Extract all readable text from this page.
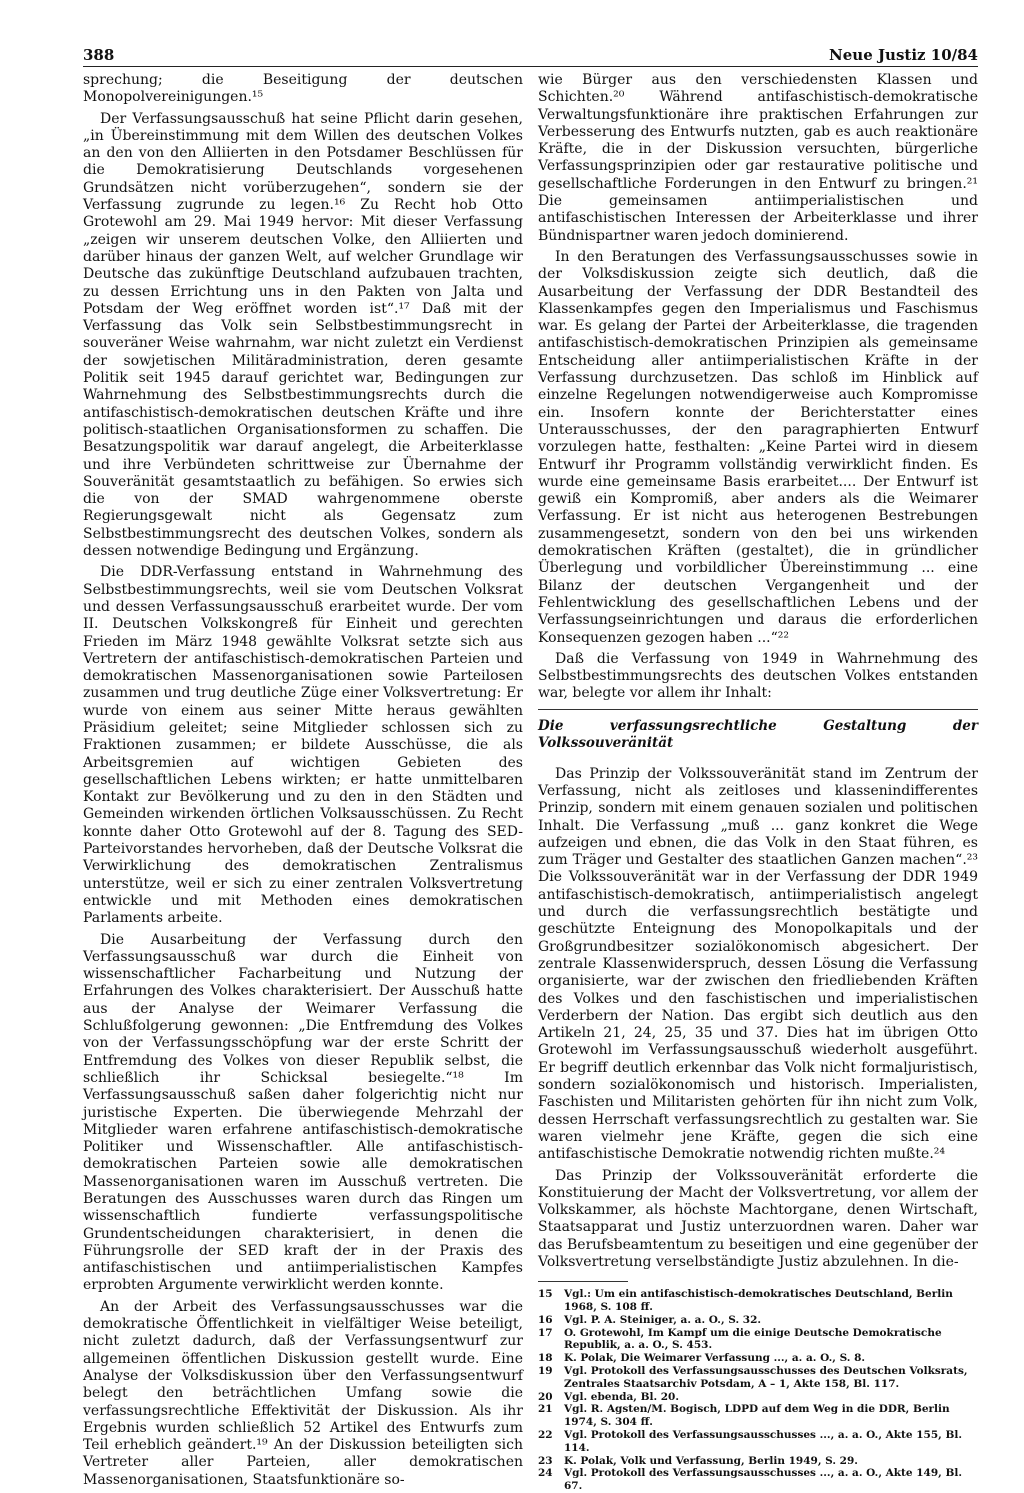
388	Neue Justiz 10/84

sprechung; die Beseitigung der deutschen Monopolvereinigungen.¹⁵

Der Verfassungsausschuß hat seine Pflicht darin gesehen, „in Übereinstimmung mit dem Willen des deutschen Volkes an den von den Alliierten in den Potsdamer Beschlüssen für die Demokratisierung Deutschlands vorgesehenen Grundsätzen nicht vorüberzugehen“, sondern sie der Verfassung zugrunde zu legen.¹⁶ Zu Recht hob Otto Grotewohl am 29. Mai 1949 hervor: Mit dieser Verfassung „zeigen wir unserem deutschen Volke, den Alliierten und darüber hinaus der ganzen Welt, auf welcher Grundlage wir Deutsche das zukünftige Deutschland aufzubauen trachten, zu dessen Errichtung uns in den Pakten von Jalta und Potsdam der Weg eröffnet worden ist“.¹⁷ Daß mit der Verfassung das Volk sein Selbstbestimmungsrecht in souveräner Weise wahrnahm, war nicht zuletzt ein Verdienst der sowjetischen Militäradministration, deren gesamte Politik seit 1945 darauf gerichtet war, Bedingungen zur Wahrnehmung des Selbstbestimmungsrechts durch die antifaschistisch-demokratischen deutschen Kräfte und ihre politisch-staatlichen Organisationsformen zu schaffen. Die Besatzungspolitik war darauf angelegt, die Arbeiterklasse und ihre Verbündeten schrittweise zur Übernahme der Souveränität gesamtstaatlich zu befähigen. So erwies sich die von der SMAD wahrgenommene oberste Regierungsgewalt nicht als Gegensatz zum Selbstbestimmungsrecht des deutschen Volkes, sondern als dessen notwendige Bedingung und Ergänzung.

Die DDR-Verfassung entstand in Wahrnehmung des Selbstbestimmungsrechts, weil sie vom Deutschen Volksrat und dessen Verfassungsausschuß erarbeitet wurde. Der vom II. Deutschen Volkskongreß für Einheit und gerechten Frieden im März 1948 gewählte Volksrat setzte sich aus Vertretern der antifaschistisch-demokratischen Parteien und demokratischen Massenorganisationen sowie Parteilosen zusammen und trug deutliche Züge einer Volksvertretung: Er wurde von einem aus seiner Mitte heraus gewählten Präsidium geleitet; seine Mitglieder schlossen sich zu Fraktionen zusammen; er bildete Ausschüsse, die als Arbeitsgremien auf wichtigen Gebieten des gesellschaftlichen Lebens wirkten; er hatte unmittelbaren Kontakt zur Bevölkerung und zu den in den Städten und Gemeinden wirkenden örtlichen Volksausschüssen. Zu Recht konnte daher Otto Grotewohl auf der 8. Tagung des SED-Parteivorstandes hervorheben, daß der Deutsche Volksrat die Verwirklichung des demokratischen Zentralismus unterstütze, weil er sich zu einer zentralen Volksvertretung entwickle und mit Methoden eines demokratischen Parlaments arbeite.

Die Ausarbeitung der Verfassung durch den Verfassungsausschuß war durch die Einheit von wissenschaftlicher Facharbeitung und Nutzung der Erfahrungen des Volkes charakterisiert. Der Ausschuß hatte aus der Analyse der Weimarer Verfassung die Schlußfolgerung gewonnen: „Die Entfremdung des Volkes von der Verfassungsschöpfung war der erste Schritt der Entfremdung des Volkes von dieser Republik selbst, die schließlich ihr Schicksal besiegelte.“¹⁸ Im Verfassungsausschuß saßen daher folgerichtig nicht nur juristische Experten. Die überwiegende Mehrzahl der Mitglieder waren erfahrene antifaschistisch-demokratische Politiker und Wissenschaftler. Alle antifaschistisch-demokratischen Parteien sowie alle demokratischen Massenorganisationen waren im Ausschuß vertreten. Die Beratungen des Ausschusses waren durch das Ringen um wissenschaftlich fundierte verfassungspolitische Grundentscheidungen charakterisiert, in denen die Führungsrolle der SED kraft der in der Praxis des antifaschistischen und antiimperialistischen Kampfes erprobten Argumente verwirklicht werden konnte.

An der Arbeit des Verfassungsausschusses war die demokratische Öffentlichkeit in vielfältiger Weise beteiligt, nicht zuletzt dadurch, daß der Verfassungsentwurf zur allgemeinen öffentlichen Diskussion gestellt wurde. Eine Analyse der Volksdiskussion über den Verfassungsentwurf belegt den beträchtlichen Umfang sowie die verfassungsrechtliche Effektivität der Diskussion. Als ihr Ergebnis wurden schließlich 52 Artikel des Entwurfs zum Teil erheblich geändert.¹⁹ An der Diskussion beteiligten sich Vertreter aller Parteien, aller demokratischen Massenorganisationen, Staatsfunktionäre so-

wie Bürger aus den verschiedensten Klassen und Schichten.²⁰ Während antifaschistisch-demokratische Verwaltungsfunktionäre ihre praktischen Erfahrungen zur Verbesserung des Entwurfs nutzten, gab es auch reaktionäre Kräfte, die in der Diskussion versuchten, bürgerliche Verfassungsprinzipien oder gar restaurative politische und gesellschaftliche Forderungen in den Entwurf zu bringen.²¹ Die gemeinsamen antiimperialistischen und antifaschistischen Interessen der Arbeiterklasse und ihrer Bündnispartner waren jedoch dominierend.

In den Beratungen des Verfassungsausschusses sowie in der Volksdiskussion zeigte sich deutlich, daß die Ausarbeitung der Verfassung der DDR Bestandteil des Klassenkampfes gegen den Imperialismus und Faschismus war. Es gelang der Partei der Arbeiterklasse, die tragenden antifaschistisch-demokratischen Prinzipien als gemeinsame Entscheidung aller antiimperialistischen Kräfte in der Verfassung durchzusetzen. Das schloß im Hinblick auf einzelne Regelungen notwendigerweise auch Kompromisse ein. Insofern konnte der Berichterstatter eines Unterausschusses, der den paragraphierten Entwurf vorzulegen hatte, festhalten: „Keine Partei wird in diesem Entwurf ihr Programm vollständig verwirklicht finden. Es wurde eine gemeinsame Basis erarbeitet.... Der Entwurf ist gewiß ein Kompromiß, aber anders als die Weimarer Verfassung. Er ist nicht aus heterogenen Bestrebungen zusammengesetzt, sondern von den bei uns wirkenden demokratischen Kräften (gestaltet), die in gründlicher Überlegung und vorbildlicher Übereinstimmung ... eine Bilanz der deutschen Vergangenheit und der Fehlentwicklung des gesellschaftlichen Lebens und der Verfassungseinrichtungen und daraus die erforderlichen Konsequenzen gezogen haben ...“²²

Daß die Verfassung von 1949 in Wahrnehmung des Selbstbestimmungsrechts des deutschen Volkes entstanden war, belegte vor allem ihr Inhalt:

Die verfassungsrechtliche Gestaltung der Volkssouveränität

Das Prinzip der Volkssouveränität stand im Zentrum der Verfassung, nicht als zeitloses und klassenindifferentes Prinzip, sondern mit einem genauen sozialen und politischen Inhalt. Die Verfassung „muß ... ganz konkret die Wege aufzeigen und ebnen, die das Volk in den Staat führen, es zum Träger und Gestalter des staatlichen Ganzen machen“.²³ Die Volkssouveränität war in der Verfassung der DDR 1949 antifaschistisch-demokratisch, antiimperialistisch angelegt und durch die verfassungsrechtlich bestätigte und geschützte Enteignung des Monopolkapitals und der Großgrundbesitzer sozialökonomisch abgesichert. Der zentrale Klassenwiderspruch, dessen Lösung die Verfassung organisierte, war der zwischen den friedliebenden Kräften des Volkes und den faschistischen und imperialistischen Verderbern der Nation. Das ergibt sich deutlich aus den Artikeln 21, 24, 25, 35 und 37. Dies hat im übrigen Otto Grotewohl im Verfassungsausschuß wiederholt ausgeführt. Er begriff deutlich erkennbar das Volk nicht formaljuristisch, sondern sozialökonomisch und historisch. Imperialisten, Faschisten und Militaristen gehörten für ihn nicht zum Volk, dessen Herrschaft verfassungsrechtlich zu gestalten war. Sie waren vielmehr jene Kräfte, gegen die sich eine antifaschistische Demokratie notwendig richten mußte.²⁴

Das Prinzip der Volkssouveränität erforderte die Konstituierung der Macht der Volksvertretung, vor allem der Volkskammer, als höchste Machtorgane, denen Wirtschaft, Staatsapparat und Justiz unterzuordnen waren. Daher war das Berufsbeamtentum zu beseitigen und eine gegenüber der Volksvertretung verselbständigte Justiz abzulehnen. In die-

15	Vgl.: Um ein antifaschistisch-demokratisches Deutschland, Berlin 1968, S. 108 ff.
16	Vgl. P. A. Steiniger, a. a. O., S. 32.
17	O. Grotewohl, Im Kampf um die einige Deutsche Demokratische Republik, a. a. O., S. 453.
18	K. Polak, Die Weimarer Verfassung ..., a. a. O., S. 8.
19	Vgl. Protokoll des Verfassungsausschusses des Deutschen Volksrats, Zentrales Staatsarchiv Potsdam, A – 1, Akte 158, Bl. 117.
20	Vgl. ebenda, Bl. 20.
21	Vgl. R. Agsten/M. Bogisch, LDPD auf dem Weg in die DDR, Berlin 1974, S. 304 ff.
22	Vgl. Protokoll des Verfassungsausschusses ..., a. a. O., Akte 155, Bl. 114.
23	K. Polak, Volk und Verfassung, Berlin 1949, S. 29.
24	Vgl. Protokoll des Verfassungsausschusses ..., a. a. O., Akte 149, Bl. 67.
